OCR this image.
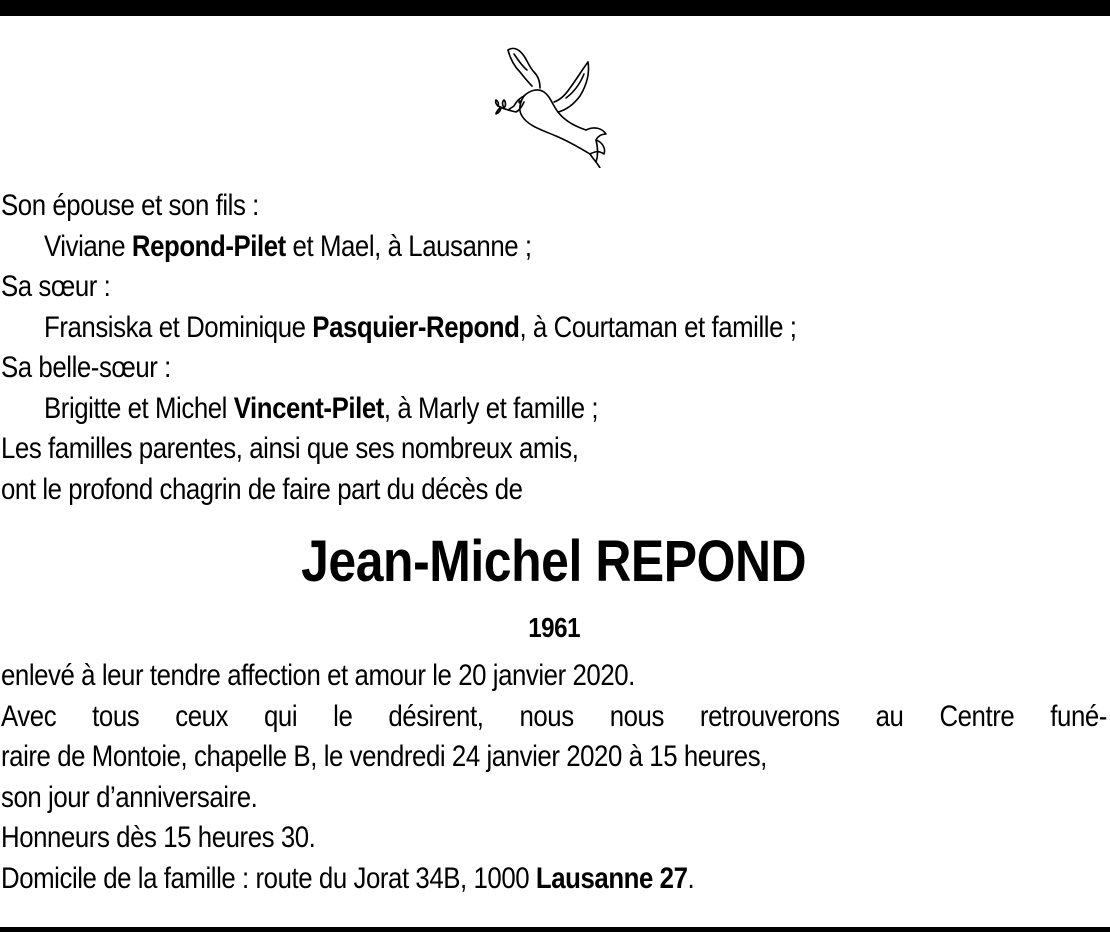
Son épouse et son fils :
Viviane Repond-Pilet et Mael, à Lausanne ;
Sa sœur :
Fransiska et Dominique Pasquier-Repond, à Courtaman et famille ;
Sa belle-sœur :
Brigitte et Michel Vincent-Pilet, à Marly et famille ;
Les familles parentes, ainsi que ses nombreux amis,
ont le profond chagrin de faire part du décès de
Jean-Michel REPOND
1961
enlevé à leur tendre affection et amour le 20 janvier 2020.
Avec tous ceux qui le désirent, nous nous retrouverons au Centre funé-
raire de Montoie, chapelle B, le vendredi 24 janvier 2020 à 15 heures,
son jour d’anniversaire.
Honneurs dès 15 heures 30.
Domicile de la famille : route du Jorat 34B, 1000 Lausanne 27.
